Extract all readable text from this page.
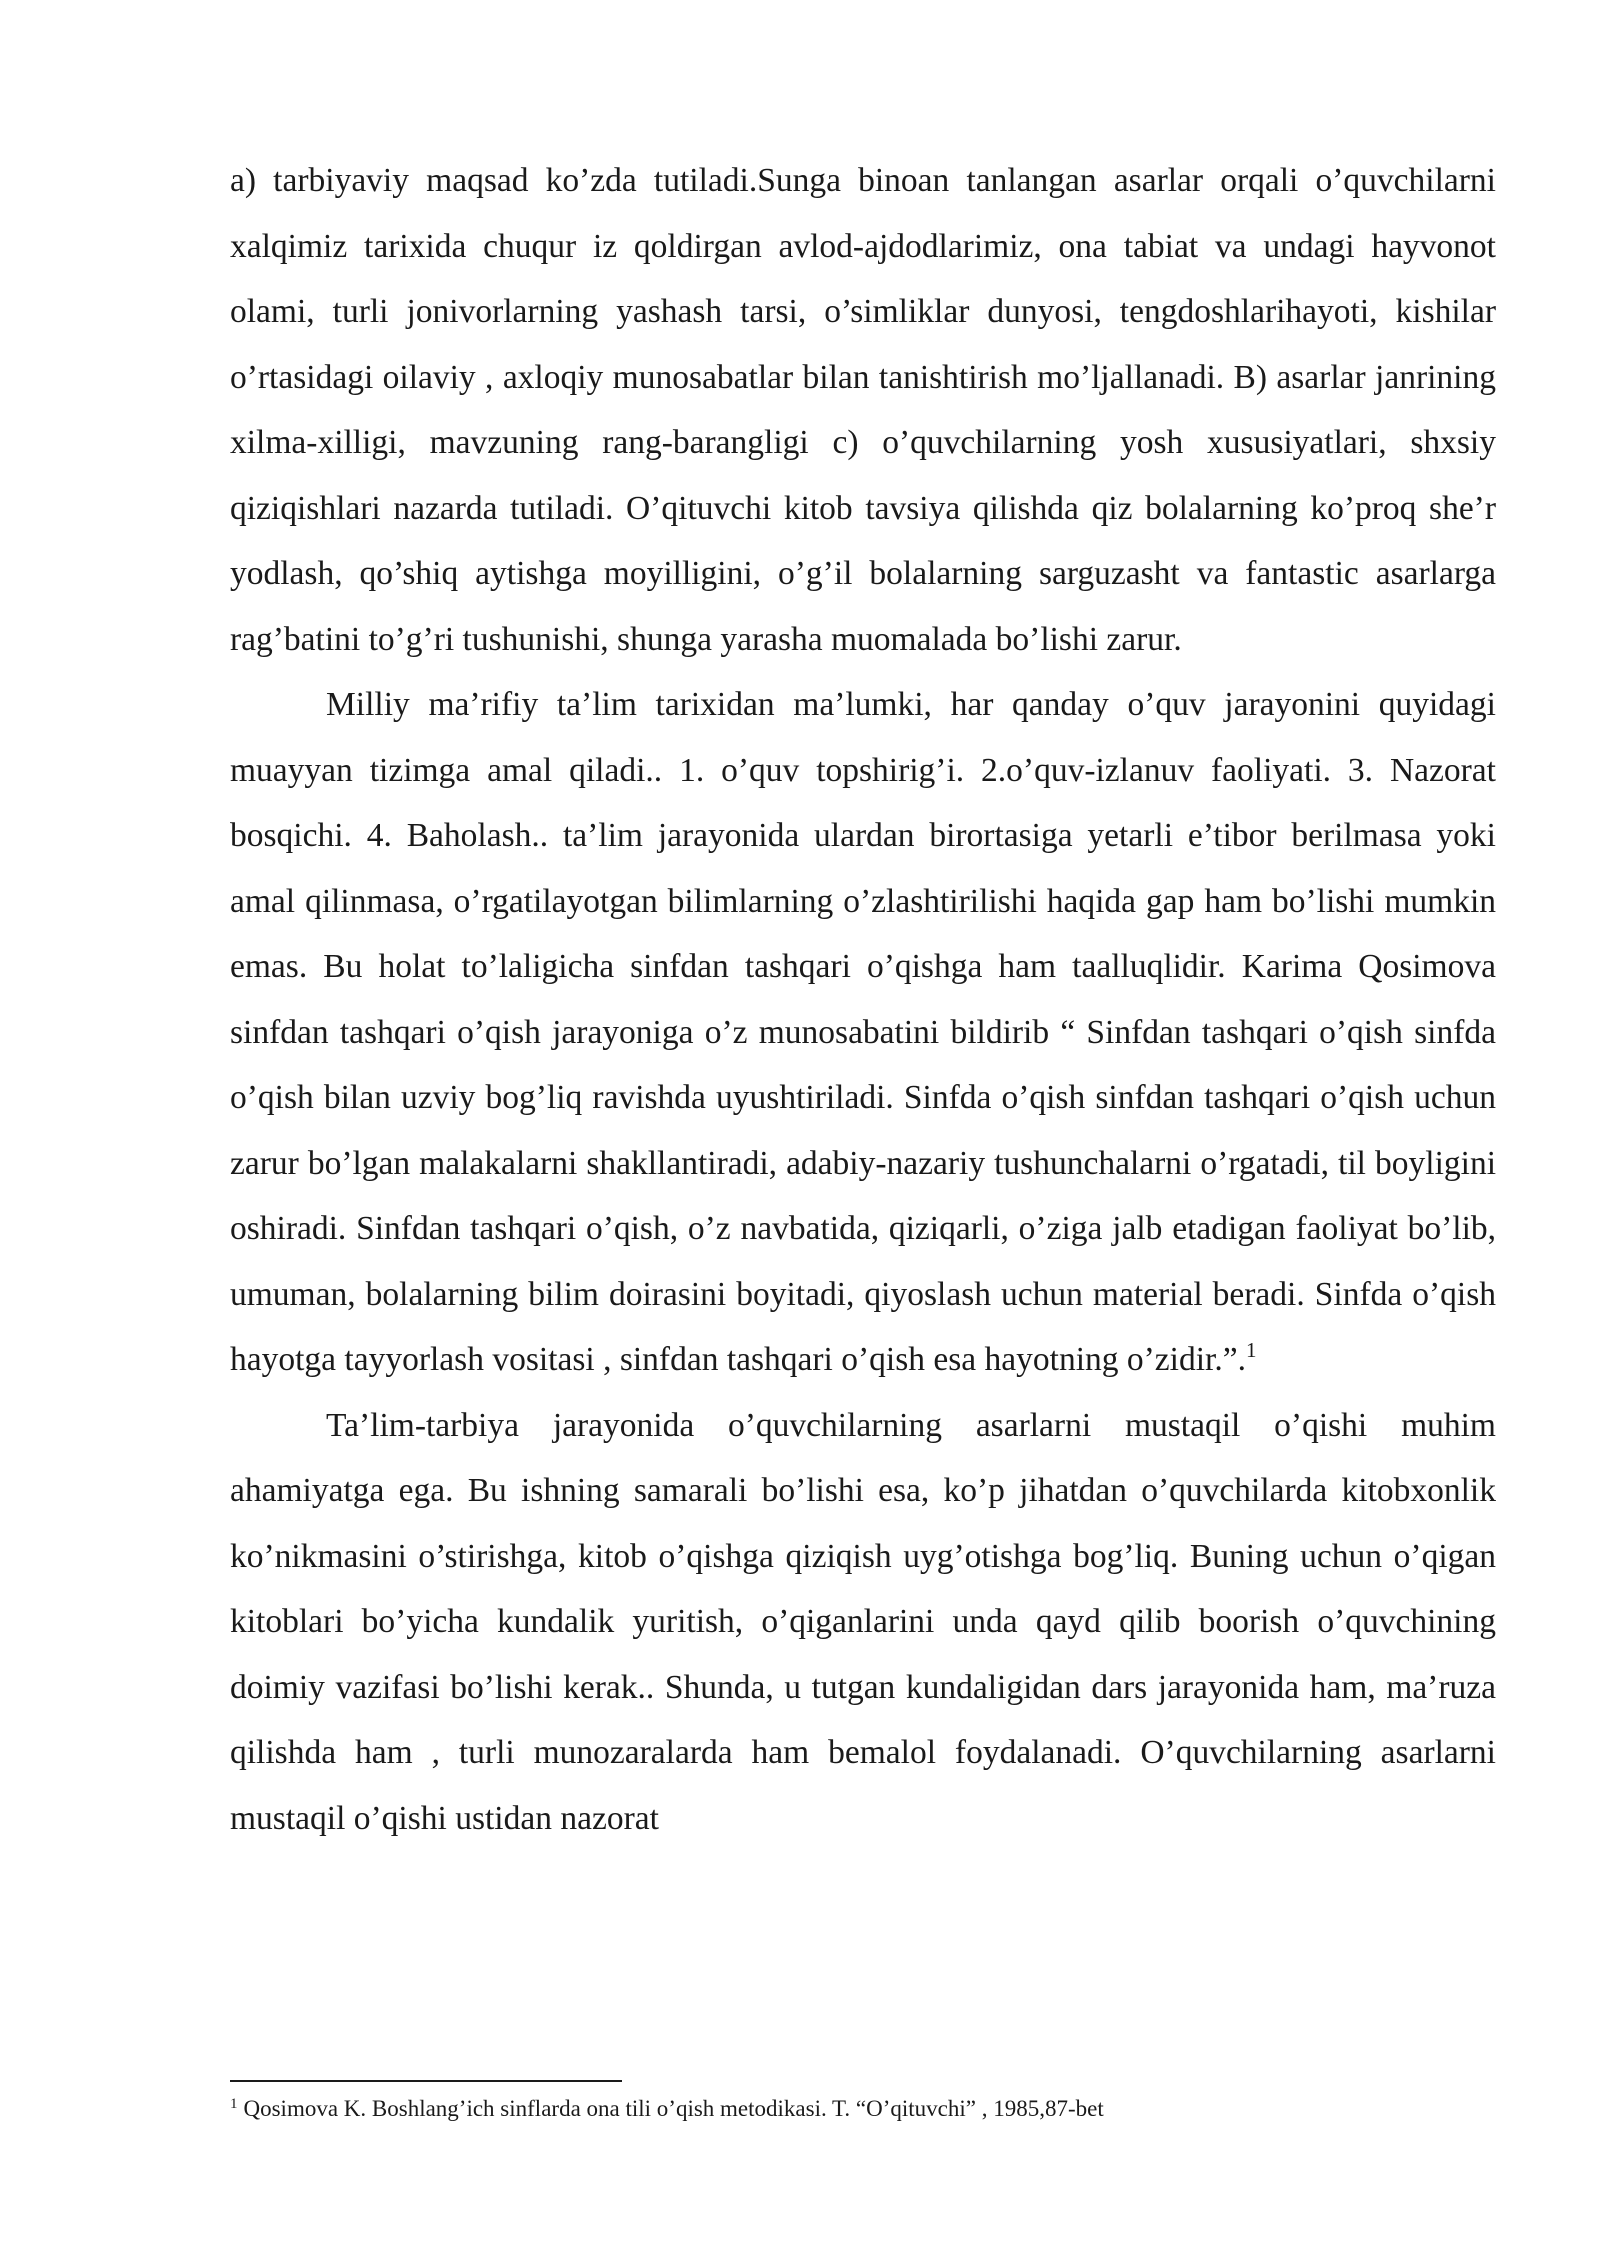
a) tarbiyaviy maqsad ko’zda tutiladi.Sunga binoan tanlangan asarlar orqali o’quvchilarni xalqimiz tarixida chuqur iz qoldirgan avlod-ajdodlarimiz, ona tabiat va undagi hayvonot olami, turli jonivorlarning yashash tarsi, o’simliklar dunyosi, tengdoshlarihayoti, kishilar o’rtasidagi oilaviy , axloqiy munosabatlar bilan tanishtirish mo’ljallanadi. B) asarlar janrining xilma-xilligi, mavzuning rang-barangligi c) o’quvchilarning yosh xususiyatlari, shxsiy qiziqishlari nazarda tutiladi. O’qituvchi kitob tavsiya qilishda qiz bolalarning ko’proq she’r yodlash, qo’shiq aytishga moyilligini, o’g’il bolalarning sarguzasht va fantastic asarlarga rag’batini to’g’ri tushunishi, shunga yarasha muomalada bo’lishi zarur.

Milliy ma’rifiy ta’lim tarixidan ma’lumki, har qanday o’quv jarayonini quyidagi muayyan tizimga amal qiladi.. 1. o’quv topshirig’i. 2.o’quv-izlanuv faoliyati. 3. Nazorat bosqichi. 4. Baholash.. ta’lim jarayonida ulardan birortasiga yetarli e’tibor berilmasa yoki amal qilinmasa, o’rgatilayotgan bilimlarning o’zlashtirilishi haqida gap ham bo’lishi mumkin emas. Bu holat to’laligicha sinfdan tashqari o’qishga ham taalluqlidir. Karima Qosimova sinfdan tashqari o’qish jarayoniga o’z munosabatini bildirib “ Sinfdan tashqari o’qish sinfda o’qish bilan uzviy bog’liq ravishda uyushtiriladi. Sinfda o’qish sinfdan tashqari o’qish uchun zarur bo’lgan malakalarni shakllantiradi, adabiy-nazariy tushunchalarni o’rgatadi, til boyligini oshiradi. Sinfdan tashqari o’qish, o’z navbatida, qiziqarli, o’ziga jalb etadigan faoliyat bo’lib, umuman, bolalarning bilim doirasini boyitadi, qiyoslash uchun material beradi. Sinfda o’qish hayotga tayyorlash vositasi , sinfdan tashqari o’qish esa hayotning o’zidir.”.$^1$

Ta’lim-tarbiya jarayonida o’quvchilarning asarlarni mustaqil o’qishi muhim ahamiyatga ega. Bu ishning samarali bo’lishi esa, ko’p jihatdan o’quvchilarda kitobxonlik ko’nikmasini o’stirishga, kitob o’qishga qiziqish uyg’otishga bog’liq. Buning uchun o’qigan kitoblari bo’yicha kundalik yuritish, o’qiganlarini unda qayd qilib boorish o’quvchining doimiy vazifasi bo’lishi kerak.. Shunda, u tutgan kundaligidan dars jarayonida ham, ma’ruza qilishda ham , turli munozaralarda ham bemalol foydalanadi. O’quvchilarning asarlarni mustaqil o’qishi ustidan nazorat

$^1$ Qosimova K. Boshlang’ich sinflarda ona tili o’qish metodikasi. T. “O’qituvchi” , 1985,87-bet
